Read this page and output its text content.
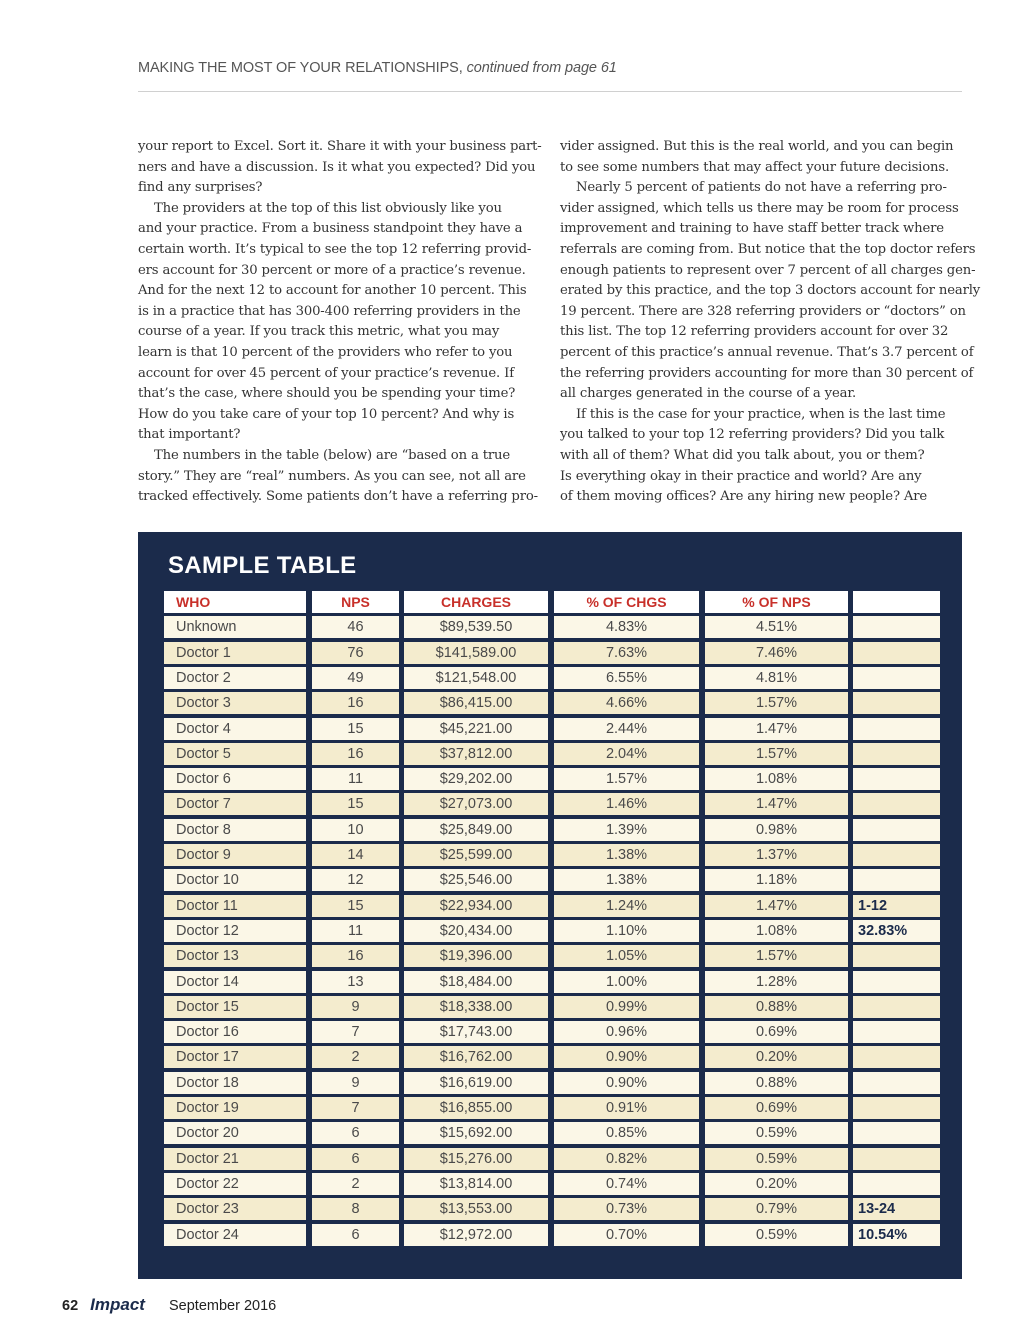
MAKING THE MOST OF YOUR RELATIONSHIPS, continued from page 61

your report to Excel. Sort it. Share it with your business part-

ners and have a discussion. Is it what you expected? Did you

find any surprises?

The providers at the top of this list obviously like you

and your practice. From a business standpoint they have a

certain worth. It’s typical to see the top 12 referring provid-

ers account for 30 percent or more of a practice’s revenue.

And for the next 12 to account for another 10 percent. This

is in a practice that has 300-400 referring providers in the

course of a year. If you track this metric, what you may

learn is that 10 percent of the providers who refer to you

account for over 45 percent of your practice’s revenue. If

that’s the case, where should you be spending your time?

How do you take care of your top 10 percent? And why is

that important?

The numbers in the table (below) are “based on a true

story.” They are “real” numbers. As you can see, not all are

tracked effectively. Some patients don’t have a referring pro-

vider assigned. But this is the real world, and you can begin

to see some numbers that may affect your future decisions.

Nearly 5 percent of patients do not have a referring pro-

vider assigned, which tells us there may be room for process

improvement and training to have staff better track where

referrals are coming from. But notice that the top doctor refers

enough patients to represent over 7 percent of all charges gen-

erated by this practice, and the top 3 doctors account for nearly

19 percent. There are 328 referring providers or “doctors” on

this list. The top 12 referring providers account for over 32

percent of this practice’s annual revenue. That’s 3.7 percent of

the referring providers accounting for more than 30 percent of

all charges generated in the course of a year.

If this is the case for your practice, when is the last time

you talked to your top 12 referring providers? Did you talk

with all of them? What did you talk about, you or them?

Is everything okay in their practice and world? Are any

of them moving offices? Are any hiring new people? Are

SAMPLE TABLE
WHO	NPS	CHARGES	% OF CHGS	% OF NPS
Unknown	46	$89,539.50	4.83%	4.51%
Doctor 1	76	$141,589.00	7.63%	7.46%
Doctor 2	49	$121,548.00	6.55%	4.81%
Doctor 3	16	$86,415.00	4.66%	1.57%
Doctor 4	15	$45,221.00	2.44%	1.47%
Doctor 5	16	$37,812.00	2.04%	1.57%
Doctor 6	11	$29,202.00	1.57%	1.08%
Doctor 7	15	$27,073.00	1.46%	1.47%
Doctor 8	10	$25,849.00	1.39%	0.98%
Doctor 9	14	$25,599.00	1.38%	1.37%
Doctor 10	12	$25,546.00	1.38%	1.18%
Doctor 11	15	$22,934.00	1.24%	1.47%	1-12
Doctor 12	11	$20,434.00	1.10%	1.08%	32.83%
Doctor 13	16	$19,396.00	1.05%	1.57%
Doctor 14	13	$18,484.00	1.00%	1.28%
Doctor 15	9	$18,338.00	0.99%	0.88%
Doctor 16	7	$17,743.00	0.96%	0.69%
Doctor 17	2	$16,762.00	0.90%	0.20%
Doctor 18	9	$16,619.00	0.90%	0.88%
Doctor 19	7	$16,855.00	0.91%	0.69%
Doctor 20	6	$15,692.00	0.85%	0.59%
Doctor 21	6	$15,276.00	0.82%	0.59%
Doctor 22	2	$13,814.00	0.74%	0.20%
Doctor 23	8	$13,553.00	0.73%	0.79%	13-24
Doctor 24	6	$12,972.00	0.70%	0.59%	10.54%
62 Impact September 2016
